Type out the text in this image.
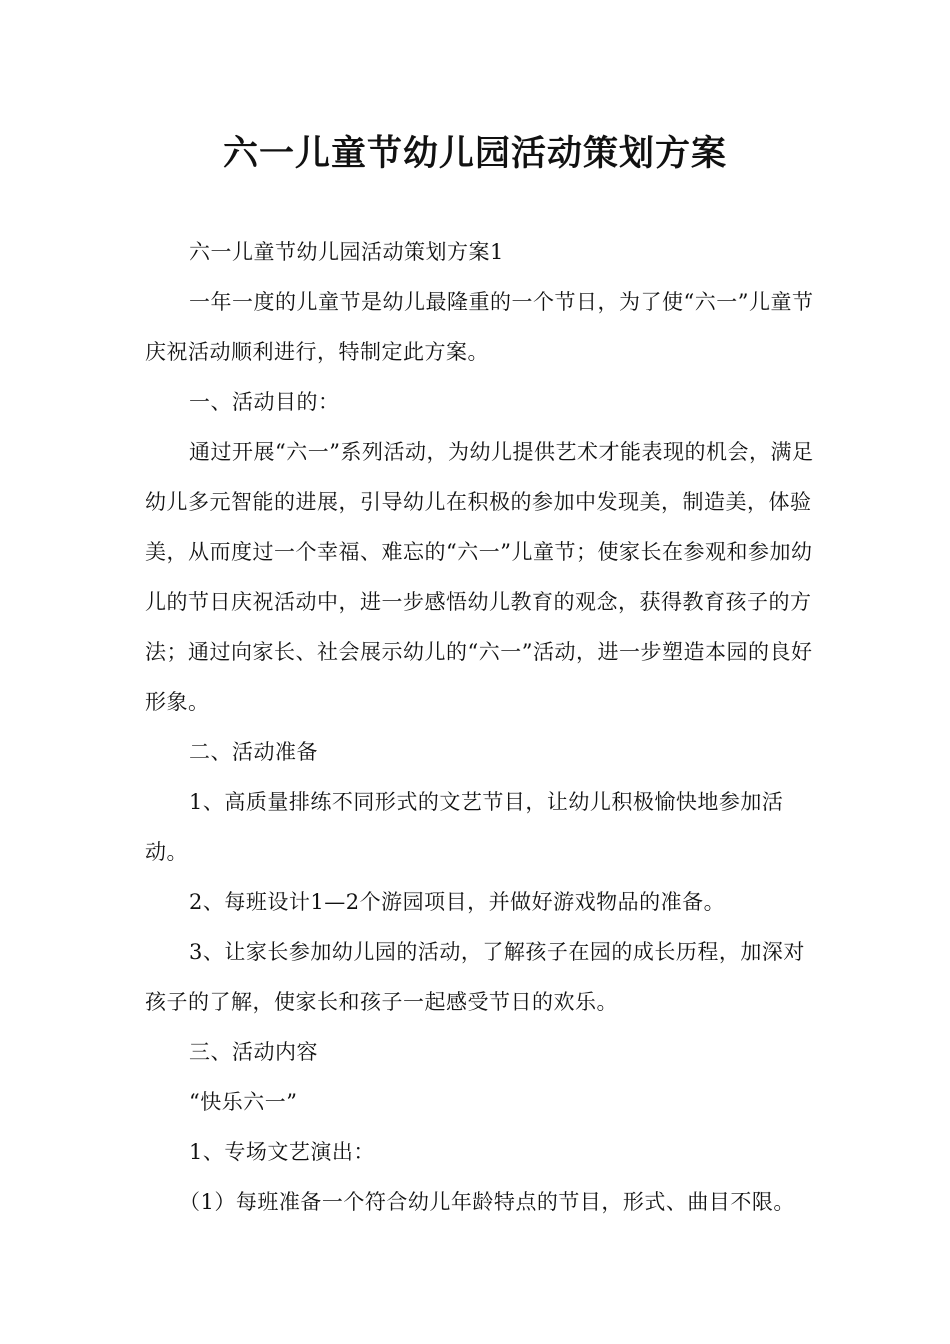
六一儿童节幼儿园活动策划方案

六一儿童节幼儿园活动策划方案1

一年一度的儿童节是幼儿最隆重的一个节日，为了使“六一”儿童节庆祝活动顺利进行，特制定此方案。

一、活动目的：

通过开展“六一”系列活动，为幼儿提供艺术才能表现的机会，满足幼儿多元智能的进展，引导幼儿在积极的参加中发现美，制造美，体验美，从而度过一个幸福、难忘的“六一”儿童节；使家长在参观和参加幼儿的节日庆祝活动中，进一步感悟幼儿教育的观念，获得教育孩子的方法；通过向家长、社会展示幼儿的“六一”活动，进一步塑造本园的良好形象。

二、活动准备

1、高质量排练不同形式的文艺节目，让幼儿积极愉快地参加活动。

2、每班设计1—2个游园项目，并做好游戏物品的准备。

3、让家长参加幼儿园的活动，了解孩子在园的成长历程，加深对孩子的了解，使家长和孩子一起感受节日的欢乐。

三、活动内容

“快乐六一”

1、专场文艺演出：

（1）每班准备一个符合幼儿年龄特点的节目，形式、曲目不限。
